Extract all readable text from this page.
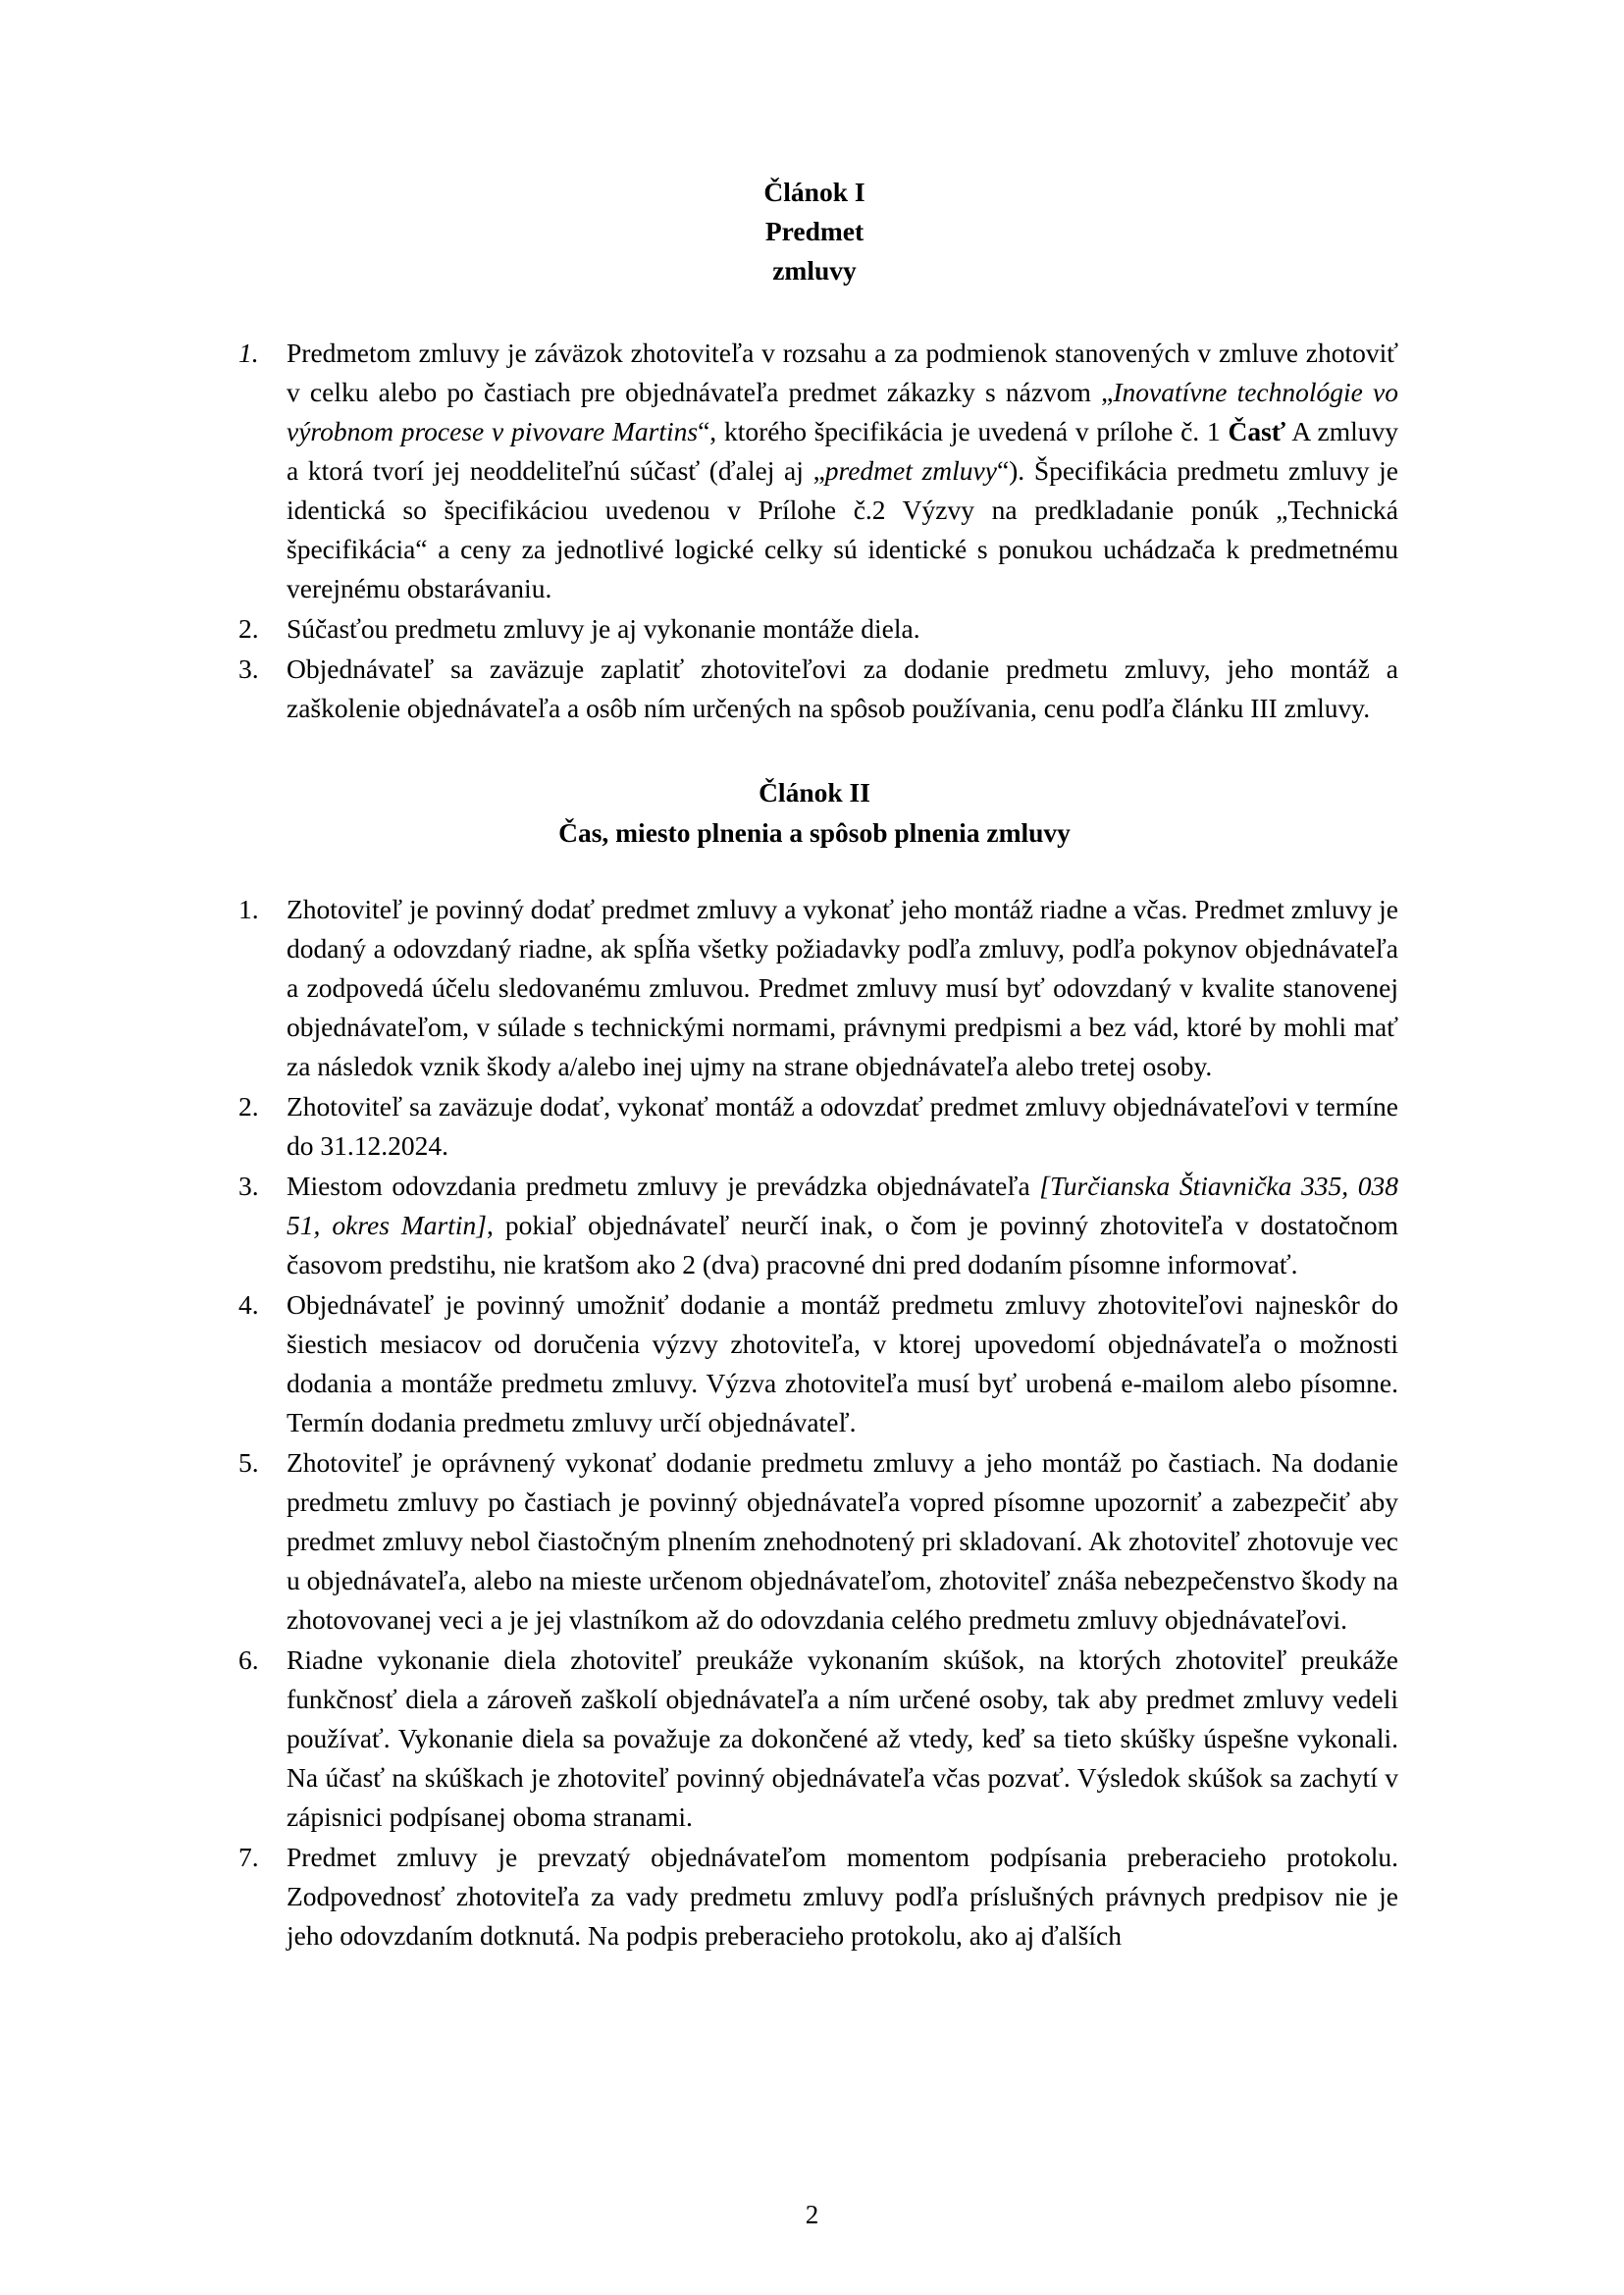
Článok I
Predmet
zmluvy
Predmetom zmluvy je záväzok zhotoviteľa v rozsahu a za podmienok stanovených v zmluve zhotoviť v celku alebo po častiach pre objednávateľa predmet zákazky s názvom „Inovatívne technológie vo výrobnom procese v pivovare Martins“, ktorého špecifikácia je uvedená v prílohe č. 1 Časť A zmluvy a ktorá tvorí jej neoddeliteľnú súčasť (ďalej aj „predmet zmluvy“). Špecifikácia predmetu zmluvy je identická so špecifikáciou uvedenou v Prílohe č.2 Výzvy na predkladanie ponúk „Technická špecifikácia“ a ceny za jednotlivé logické celky sú identické s ponukou uchádzača k predmetnému verejnému obstarávaniu.
Súčasťou predmetu zmluvy je aj vykonanie montáže diela.
Objednávateľ sa zaväzuje zaplatiť zhotoviteľovi za dodanie predmetu zmluvy, jeho montáž a zaškolenie objednávateľa a osôb ním určených na spôsob používania, cenu podľa článku III zmluvy.
Článok II
Čas, miesto plnenia a spôsob plnenia zmluvy
Zhotoviteľ je povinný dodať predmet zmluvy a vykonať jeho montáž riadne a včas. Predmet zmluvy je dodaný a odovzdaný riadne, ak spĺňa všetky požiadavky podľa zmluvy, podľa pokynov objednávateľa a zodpovedá účelu sledovanému zmluvou. Predmet zmluvy musí byť odovzdaný v kvalite stanovenej objednávateľom, v súlade s technickými normami, právnymi predpismi a bez vád, ktoré by mohli mať za následok vznik škody a/alebo inej ujmy na strane objednávateľa alebo tretej osoby.
Zhotoviteľ sa zaväzuje dodať, vykonať montáž a odovzdať predmet zmluvy objednávateľovi v termíne do 31.12.2024.
Miestom odovzdania predmetu zmluvy je prevádzka objednávateľa [Turčianska Štiavnička 335, 038 51, okres Martin], pokiaľ objednávateľ neurčí inak, o čom je povinný zhotoviteľa v dostatočnom časovom predstihu, nie kratšom ako 2 (dva) pracovné dni pred dodaním písomne informovať.
Objednávateľ je povinný umožniť dodanie a montáž predmetu zmluvy zhotoviteľovi najneskôr do šiestich mesiacov od doručenia výzvy zhotoviteľa, v ktorej upovedomí objednávateľa o možnosti dodania a montáže predmetu zmluvy. Výzva zhotoviteľa musí byť urobená e-mailom alebo písomne. Termín dodania predmetu zmluvy určí objednávateľ.
Zhotoviteľ je oprávnený vykonať dodanie predmetu zmluvy a jeho montáž po častiach. Na dodanie predmetu zmluvy po častiach je povinný objednávateľa vopred písomne upozorniť a zabezpečiť aby predmet zmluvy nebol čiastočným plnením znehodnotený pri skladovaní. Ak zhotoviteľ zhotovuje vec u objednávateľa, alebo na mieste určenom objednávateľom, zhotoviteľ znáša nebezpečenstvo škody na zhotovovanej veci a je jej vlastníkom až do odovzdania celého predmetu zmluvy objednávateľovi.
Riadne vykonanie diela zhotoviteľ preukáže vykonaním skúšok, na ktorých zhotoviteľ preukáže funkčnosť diela a zároveň zaškolí objednávateľa a ním určené osoby, tak aby predmet zmluvy vedeli používať. Vykonanie diela sa považuje za dokončené až vtedy, keď sa tieto skúšky úspešne vykonali. Na účasť na skúškach je zhotoviteľ povinný objednávateľa včas pozvať. Výsledok skúšok sa zachytí v zápisnici podpísanej oboma stranami.
Predmet zmluvy je prevzatý objednávateľom momentom podpísania preberacieho protokolu. Zodpovednosť zhotoviteľa za vady predmetu zmluvy podľa príslušných právnych predpisov nie je jeho odovzdaním dotknutá. Na podpis preberacieho protokolu, ako aj ďalších
2
